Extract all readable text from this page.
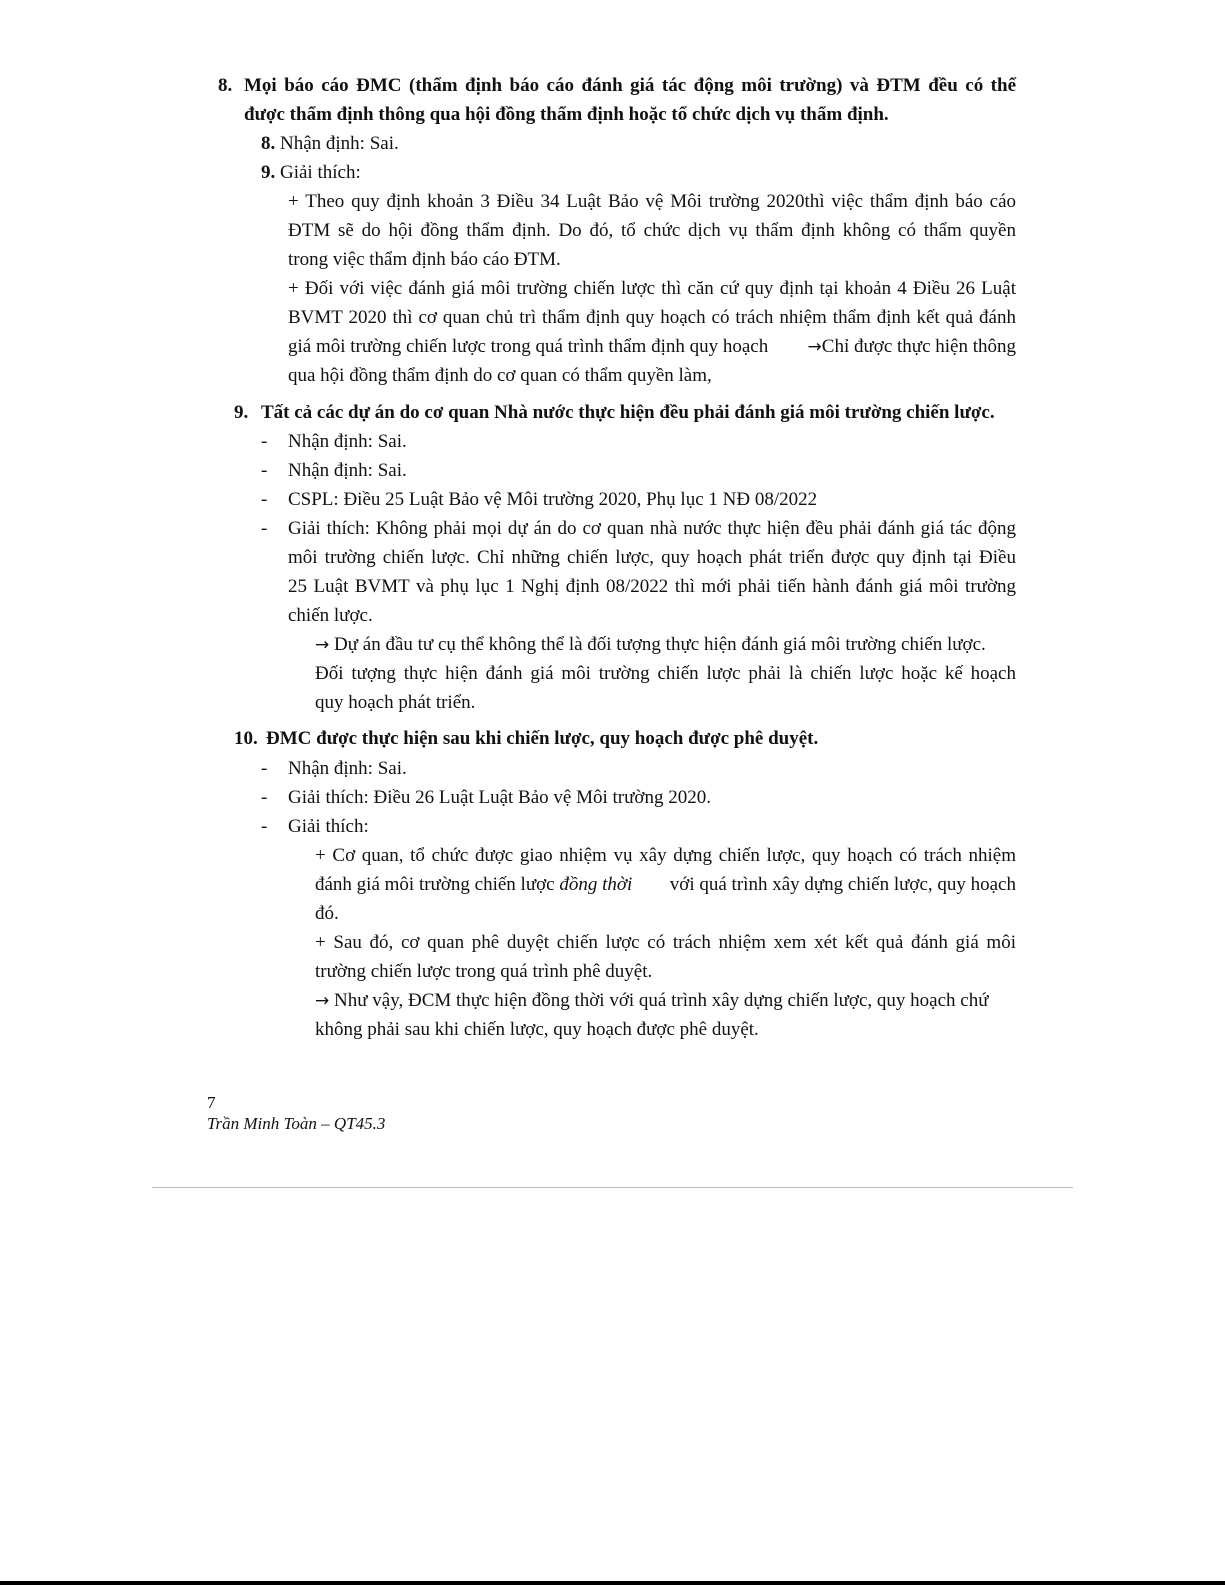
8. Mọi báo cáo ĐMC (thẩm định báo cáo đánh giá tác động môi trường) và ĐTM đều có thể
được thẩm định thông qua hội đồng thẩm định hoặc tổ chức dịch vụ thẩm định.
8. Nhận định: Sai.
9. Giải thích:
+ Theo quy định khoản 3 Điều 34 Luật Bảo vệ Môi trường 2020thì việc thẩm định báo cáo
ĐTM sẽ do hội đồng thẩm định. Do đó, tổ chức dịch vụ thẩm định không có thẩm quyền
trong việc thẩm định báo cáo ĐTM.
+ Đối với việc đánh giá môi trường chiến lược thì căn cứ quy định tại khoản 4 Điều 26 Luật
BVMT 2020 thì cơ quan chủ trì thẩm định quy hoạch có trách nhiệm thẩm định kết quả đánh
giá môi trường chiến lược trong quá trình thẩm định quy hoạch → Chỉ được thực hiện thông
qua hội đồng thẩm định do cơ quan có thẩm quyền làm,
9. Tất cả các dự án do cơ quan Nhà nước thực hiện đều phải đánh giá môi trường chiến lược.
- Nhận định: Sai.
- Nhận định: Sai.
- CSPL: Điều 25 Luật Bảo vệ Môi trường 2020, Phụ lục 1 NĐ 08/2022
- Giải thích: Không phải mọi dự án do cơ quan nhà nước thực hiện đều phải đánh giá tác động
môi trường chiến lược. Chỉ những chiến lược, quy hoạch phát triển được quy định tại Điều
25 Luật BVMT và phụ lục 1 Nghị định 08/2022 thì mới phải tiến hành đánh giá môi trường
chiến lược.
→ Dự án đầu tư cụ thể không thể là đối tượng thực hiện đánh giá môi trường chiến lược.
Đối tượng thực hiện đánh giá môi trường chiến lược phải là chiến lược hoặc kế hoạch
quy hoạch phát triển.
10. ĐMC được thực hiện sau khi chiến lược, quy hoạch được phê duyệt.
- Nhận định: Sai.
- Giải thích: Điều 26 Luật Luật Bảo vệ Môi trường 2020.
- Giải thích:
+ Cơ quan, tổ chức được giao nhiệm vụ xây dựng chiến lược, quy hoạch có trách nhiệm
đánh giá môi trường chiến lược đồng thời với quá trình xây dựng chiến lược, quy hoạch
đó.
+ Sau đó, cơ quan phê duyệt chiến lược có trách nhiệm xem xét kết quả đánh giá môi
trường chiến lược trong quá trình phê duyệt.
→ Như vậy, ĐCM thực hiện đồng thời với quá trình xây dựng chiến lược, quy hoạch chứ
không phải sau khi chiến lược, quy hoạch được phê duyệt.
7
Trần Minh Toàn – QT45.3
